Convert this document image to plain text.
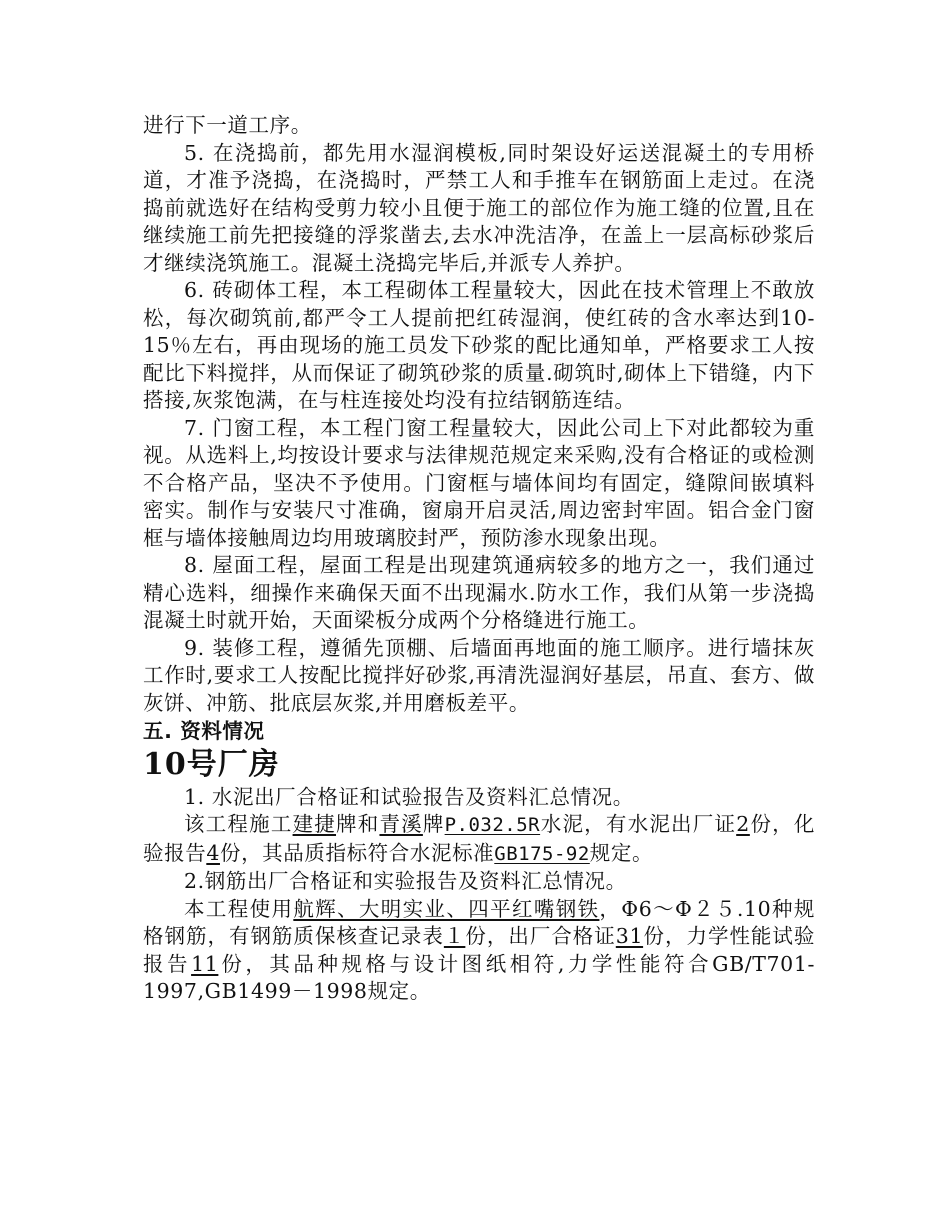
进行下一道工序。

5. 在浇捣前，都先用水湿润模板,同时架设好运送混凝土的专用桥道，才准予浇捣，在浇捣时，严禁工人和手推车在钢筋面上走过。在浇捣前就选好在结构受剪力较小且便于施工的部位作为施工缝的位置,且在继续施工前先把接缝的浮浆凿去,去水冲洗洁净，在盖上一层高标砂浆后才继续浇筑施工。混凝土浇捣完毕后,并派专人养护。

6. 砖砌体工程，本工程砌体工程量较大，因此在技术管理上不敢放松，每次砌筑前,都严令工人提前把红砖湿润，使红砖的含水率达到10-15％左右，再由现场的施工员发下砂浆的配比通知单，严格要求工人按配比下料搅拌，从而保证了砌筑砂浆的质量.砌筑时,砌体上下错缝，内下搭接,灰浆饱满，在与柱连接处均没有拉结钢筋连结。

7. 门窗工程，本工程门窗工程量较大，因此公司上下对此都较为重视。从选料上,均按设计要求与法律规范规定来采购,没有合格证的或检测不合格产品，坚决不予使用。门窗框与墙体间均有固定，缝隙间嵌填料密实。制作与安装尺寸准确，窗扇开启灵活,周边密封牢固。铝合金门窗框与墙体接触周边均用玻璃胶封严，预防渗水现象出现。

8. 屋面工程，屋面工程是出现建筑通病较多的地方之一，我们通过精心选料，细操作来确保天面不出现漏水.防水工作，我们从第一步浇捣混凝土时就开始，天面梁板分成两个分格缝进行施工。

9. 装修工程，遵循先顶棚、后墙面再地面的施工顺序。进行墙抹灰工作时,要求工人按配比搅拌好砂浆,再清洗湿润好基层，吊直、套方、做灰饼、冲筋、批底层灰浆,并用磨板差平。

五. 资料情况

10号厂房

1. 水泥出厂合格证和试验报告及资料汇总情况。

该工程施工建捷牌和青溪牌P.032.5R水泥，有水泥出厂证2份，化验报告4份，其品质指标符合水泥标准GB175-92规定。

2.钢筋出厂合格证和实验报告及资料汇总情况。

本工程使用航辉、大明实业、四平红嘴钢铁，Φ6～Φ２５.10种规格钢筋，有钢筋质保核查记录表１份，出厂合格证31份，力学性能试验报告11份，其品种规格与设计图纸相符,力学性能符合GB/T701-1997,GB1499－1998规定。
